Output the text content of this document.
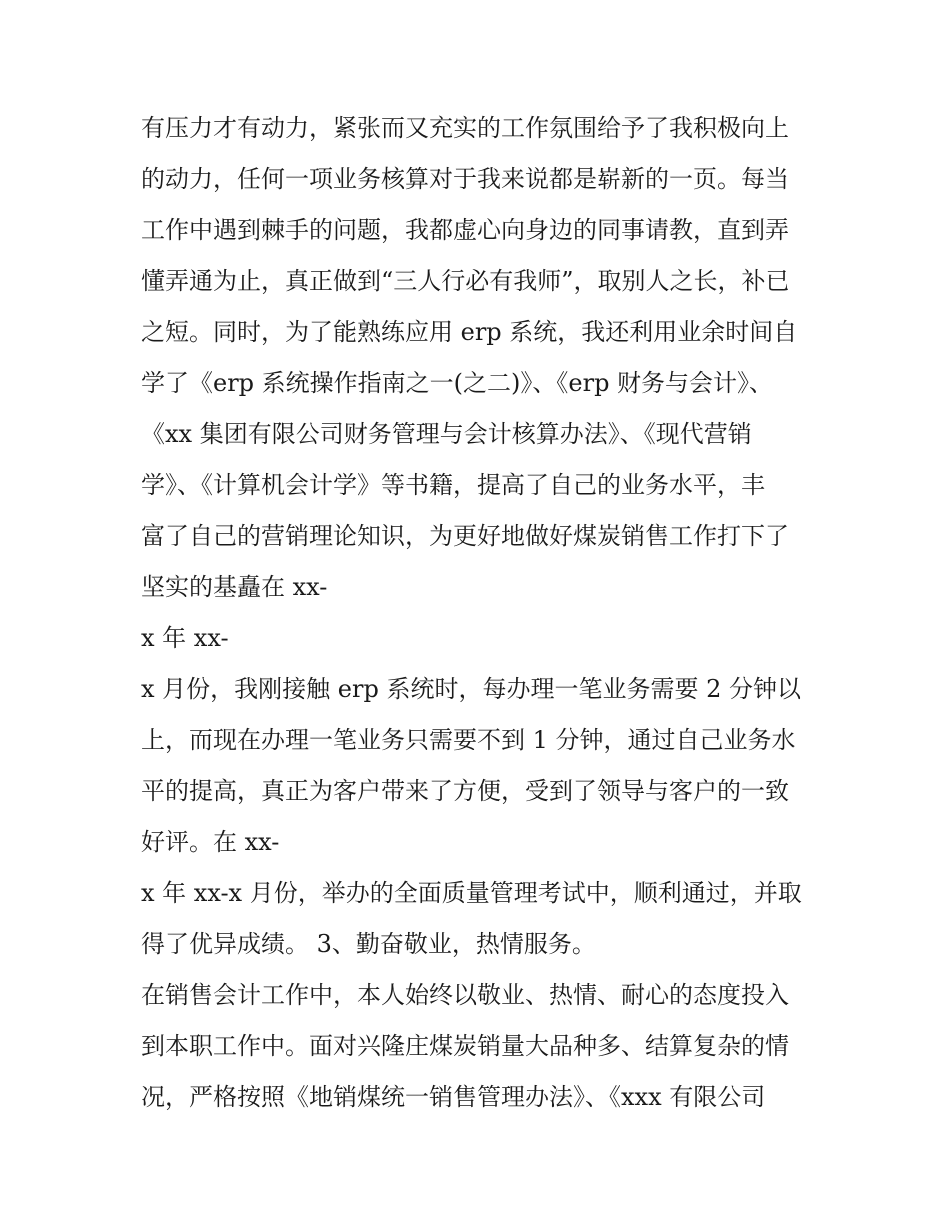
有压力才有动力，紧张而又充实的工作氛围给予了我积极向上
的动力，任何一项业务核算对于我来说都是崭新的一页。每当
工作中遇到棘手的问题，我都虚心向身边的同事请教，直到弄
懂弄通为止，真正做到“三人行必有我师”，取别人之长，补已
之短。同时，为了能熟练应用 erp 系统，我还利用业余时间自
学了《erp 系统操作指南之一(之二)》、《erp 财务与会计》、
《xx 集团有限公司财务管理与会计核算办法》、《现代营销
学》、《计算机会计学》等书籍，提高了自己的业务水平，丰
富了自己的营销理论知识，为更好地做好煤炭销售工作打下了
坚实的基矗在 xx-
x 年 xx-
x 月份，我刚接触 erp 系统时，每办理一笔业务需要 2 分钟以
上，而现在办理一笔业务只需要不到 1 分钟，通过自己业务水
平的提高，真正为客户带来了方便，受到了领导与客户的一致
好评。在 xx-
x 年 xx-x 月份，举办的全面质量管理考试中，顺利通过，并取
得了优异成绩。 3、勤奋敬业，热情服务。
在销售会计工作中，本人始终以敬业、热情、耐心的态度投入
到本职工作中。面对兴隆庄煤炭销量大品种多、结算复杂的情
况，严格按照《地销煤统一销售管理办法》、《xxx 有限公司
